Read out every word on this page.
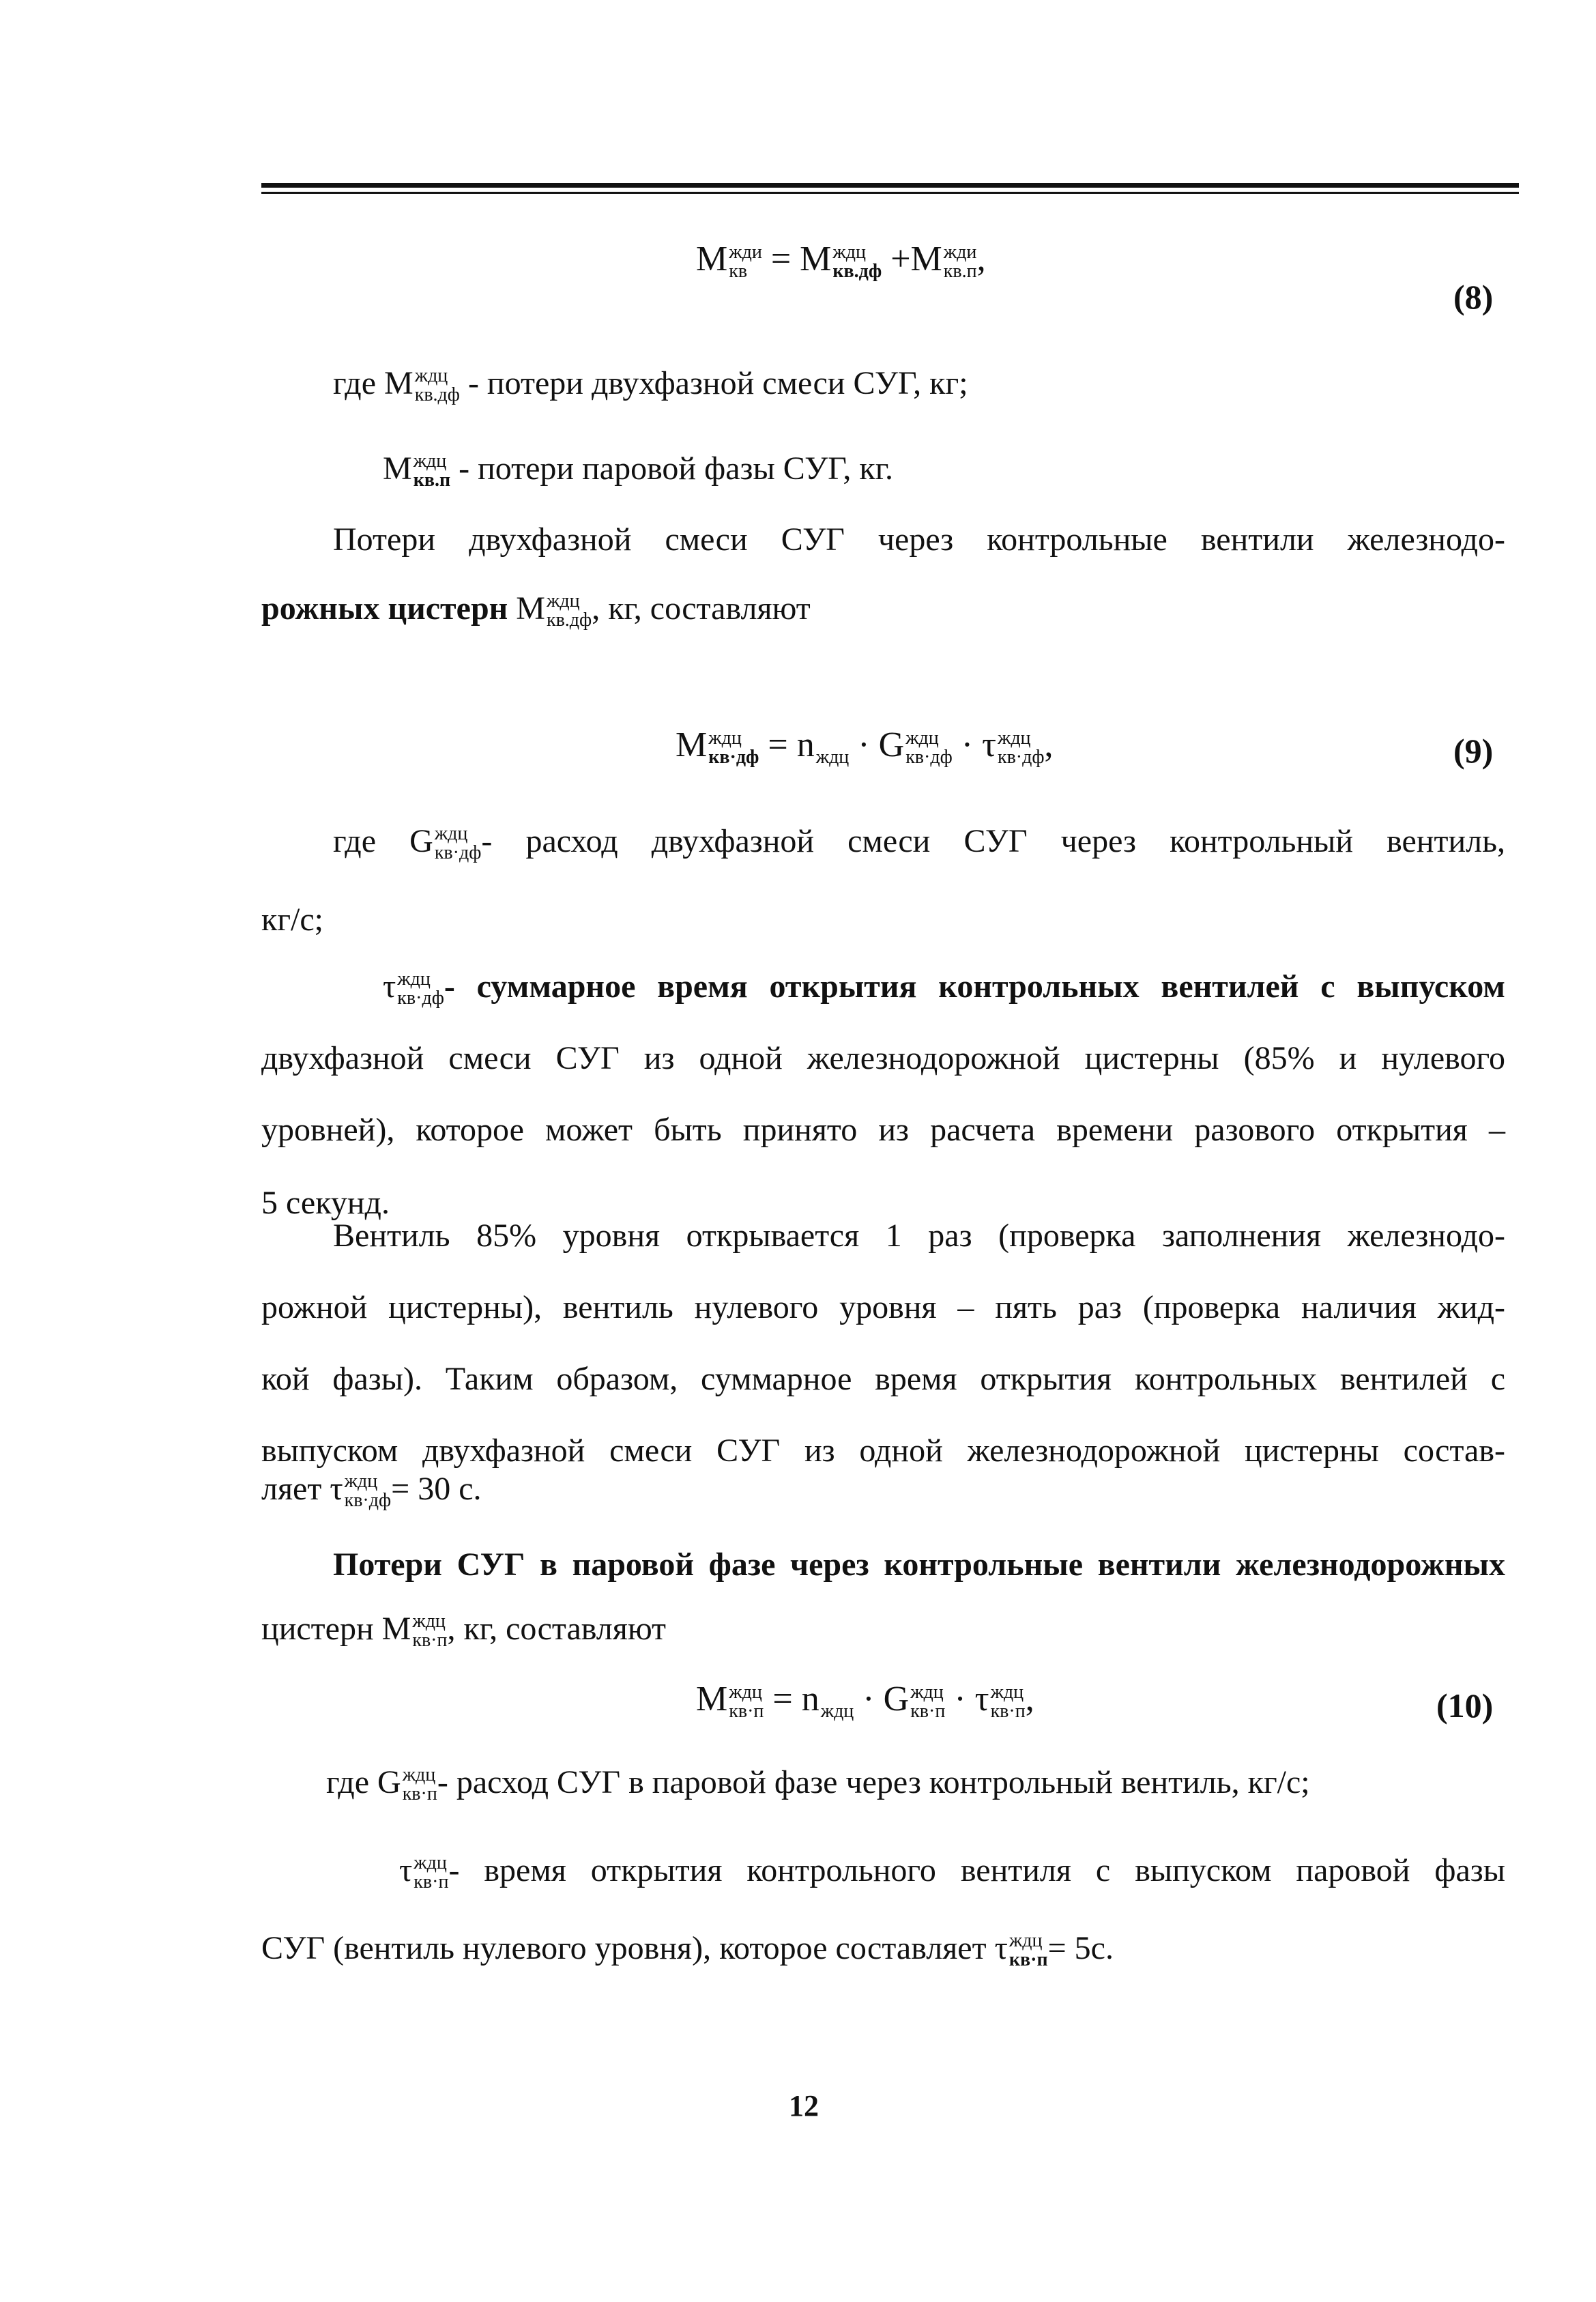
M жди
кв = M ждц
кв.дф +M жди
кв.п ,
(8)
где M ждц
кв.дф - потери двухфазной смеси СУГ, кг;
M ждц
кв.п - потери паровой фазы СУГ, кг.
Потери двухфазной смеси СУГ через контрольные вентили железнодо-
рожных цистерн M ждц
кв.дф , кг, составляют
M ждц
кв·дф = n
ждц · G ждц
кв·дф · τ ждц
кв·дф ,	(9)
где G ждц
кв·дф - расход двухфазной смеси СУГ через контрольный вентиль,
кг/с;
τ ждц
кв·дф - суммарное время открытия контрольных вентилей с выпуском
двухфазной смеси СУГ из одной железнодорожной цистерны (85% и нулевого
уровней), которое может быть принято из расчета времени разового открытия –
5 секунд.
Вентиль 85% уровня открывается 1 раз (проверка заполнения железнодо-
рожной цистерны), вентиль нулевого уровня – пять раз (проверка наличия жид-
кой фазы). Таким образом, суммарное время открытия контрольных вентилей с
выпуском двухфазной смеси СУГ из одной железнодорожной цистерны состав-
ляет τ ждц
кв·дф = 30 с.
Потери СУГ в паровой фазе через контрольные вентили железнодорожных
цистерн M ждц
кв·п , кг, составляют
M ждц
кв·п = n
ждц · G ждц
кв·п · τ ждц
кв·п ,	(10)
где G ждц
кв·п - расход СУГ в паровой фазе через контрольный вентиль, кг/с;
τ ждц
кв·п - время открытия контрольного вентиля с выпуском паровой фазы
СУГ (вентиль нулевого уровня), которое составляет τ ждц
кв·п = 5с.
12
